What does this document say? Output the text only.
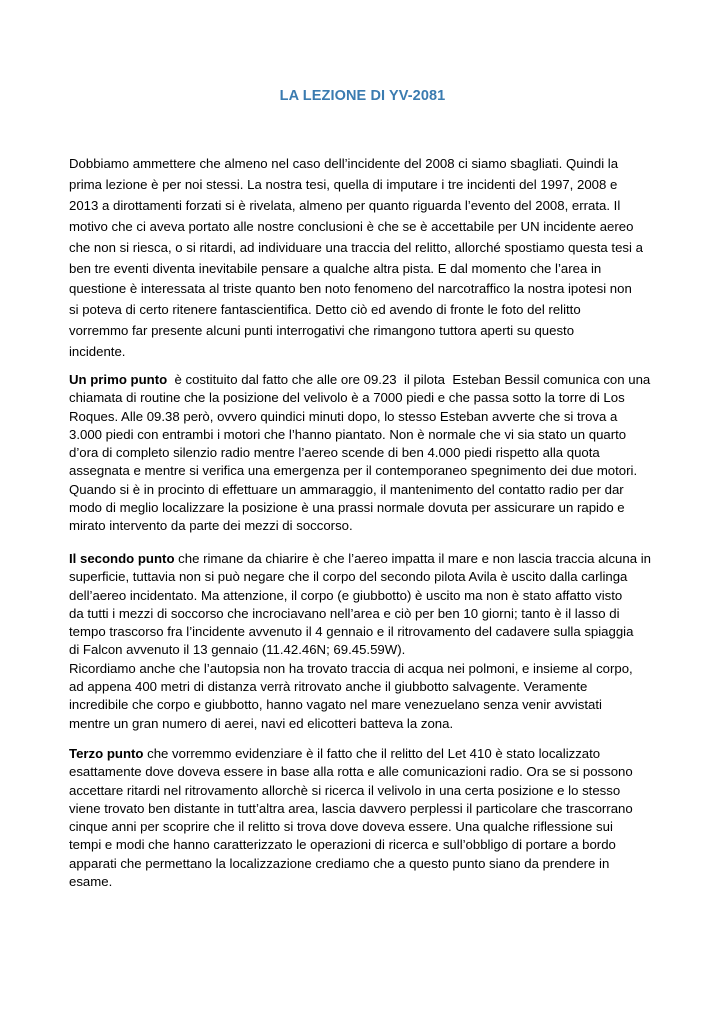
LA LEZIONE DI YV-2081
Dobbiamo ammettere che almeno nel caso dell’incidente del 2008 ci siamo sbagliati. Quindi la
prima lezione è per noi stessi. La nostra tesi, quella di imputare i tre incidenti del 1997, 2008 e
2013 a dirottamenti forzati si è rivelata, almeno per quanto riguarda l’evento del 2008, errata. Il
motivo che ci aveva portato alle nostre conclusioni è che se è accettabile per UN incidente aereo
che non si riesca, o si ritardi, ad individuare una traccia del relitto, allorché spostiamo questa tesi a
ben tre eventi diventa inevitabile pensare a qualche altra pista. E dal momento che l’area in
questione è interessata al triste quanto ben noto fenomeno del narcotraffico la nostra ipotesi non
si poteva di certo ritenere fantascientifica. Detto ciò ed avendo di fronte le foto del relitto
vorremmo far presente alcuni punti interrogativi che rimangono tuttora aperti su questo
incidente.
Un primo punto  è costituito dal fatto che alle ore 09.23  il pilota  Esteban Bessil comunica con una
chiamata di routine che la posizione del velivolo è a 7000 piedi e che passa sotto la torre di Los
Roques. Alle 09.38 però, ovvero quindici minuti dopo, lo stesso Esteban avverte che si trova a
3.000 piedi con entrambi i motori che l’hanno piantato. Non è normale che vi sia stato un quarto
d’ora di completo silenzio radio mentre l’aereo scende di ben 4.000 piedi rispetto alla quota
assegnata e mentre si verifica una emergenza per il contemporaneo spegnimento dei due motori.
Quando si è in procinto di effettuare un ammaraggio, il mantenimento del contatto radio per dar
modo di meglio localizzare la posizione è una prassi normale dovuta per assicurare un rapido e
mirato intervento da parte dei mezzi di soccorso.
Il secondo punto che rimane da chiarire è che l’aereo impatta il mare e non lascia traccia alcuna in
superficie, tuttavia non si può negare che il corpo del secondo pilota Avila è uscito dalla carlinga
dell’aereo incidentato. Ma attenzione, il corpo (e giubbotto) è uscito ma non è stato affatto visto
da tutti i mezzi di soccorso che incrociavano nell’area e ciò per ben 10 giorni; tanto è il lasso di
tempo trascorso fra l’incidente avvenuto il 4 gennaio e il ritrovamento del cadavere sulla spiaggia
di Falcon avvenuto il 13 gennaio (11.42.46N; 69.45.59W).
Ricordiamo anche che l’autopsia non ha trovato traccia di acqua nei polmoni, e insieme al corpo,
ad appena 400 metri di distanza verrà ritrovato anche il giubbotto salvagente. Veramente
incredibile che corpo e giubbotto, hanno vagato nel mare venezuelano senza venir avvistati
mentre un gran numero di aerei, navi ed elicotteri batteva la zona.
Terzo punto che vorremmo evidenziare è il fatto che il relitto del Let 410 è stato localizzato
esattamente dove doveva essere in base alla rotta e alle comunicazioni radio. Ora se si possono
accettare ritardi nel ritrovamento allorchè si ricerca il velivolo in una certa posizione e lo stesso
viene trovato ben distante in tutt’altra area, lascia davvero perplessi il particolare che trascorrano
cinque anni per scoprire che il relitto si trova dove doveva essere. Una qualche riflessione sui
tempi e modi che hanno caratterizzato le operazioni di ricerca e sull’obbligo di portare a bordo
apparati che permettano la localizzazione crediamo che a questo punto siano da prendere in
esame.
